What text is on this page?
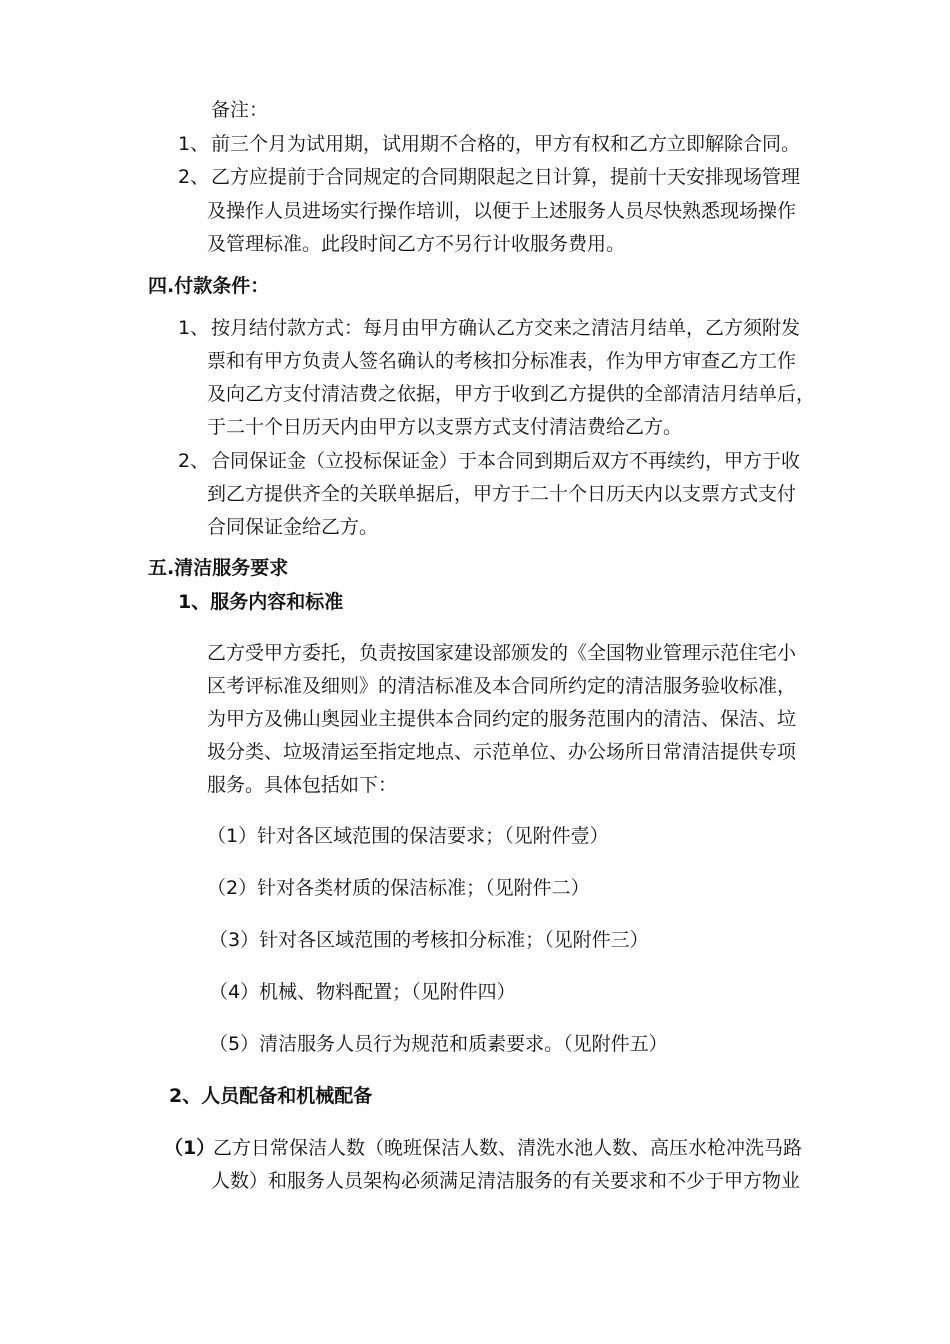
备注：
1、 前三个月为试用期，试用期不合格的，甲方有权和乙方立即解除合同。
2、 乙方应提前于合同规定的合同期限起之日计算，提前十天安排现场管理
及操作人员进场实行操作培训，以便于上述服务人员尽快熟悉现场操作
及管理标准。此段时间乙方不另行计收服务费用。
四.付款条件：
1、 按月结付款方式：每月由甲方确认乙方交来之清洁月结单，乙方须附发
票和有甲方负责人签名确认的考核扣分标准表，作为甲方审查乙方工作
及向乙方支付清洁费之依据，甲方于收到乙方提供的全部清洁月结单后，
于二十个日历天内由甲方以支票方式支付清洁费给乙方。
2、 合同保证金（立投标保证金）于本合同到期后双方不再续约，甲方于收
到乙方提供齐全的关联单据后，甲方于二十个日历天内以支票方式支付
合同保证金给乙方。
五.清洁服务要求
1、服务内容和标准
乙方受甲方委托，负责按国家建设部颁发的《全国物业管理示范住宅小
区考评标准及细则》的清洁标准及本合同所约定的清洁服务验收标准，
为甲方及佛山奥园业主提供本合同约定的服务范围内的清洁、保洁、垃
圾分类、垃圾清运至指定地点、示范单位、办公场所日常清洁提供专项
服务。具体包括如下：
（1）针对各区域范围的保洁要求；（见附件壹）
（2）针对各类材质的保洁标准；（见附件二）
（3）针对各区域范围的考核扣分标准；（见附件三）
（4）机械、物料配置；（见附件四）
（5）清洁服务人员行为规范和质素要求。（见附件五）
2、人员配备和机械配备
（1）
乙方日常保洁人数（晚班保洁人数、清洗水池人数、高压水枪冲洗马路
人数）和服务人员架构必须满足清洁服务的有关要求和不少于甲方物业
